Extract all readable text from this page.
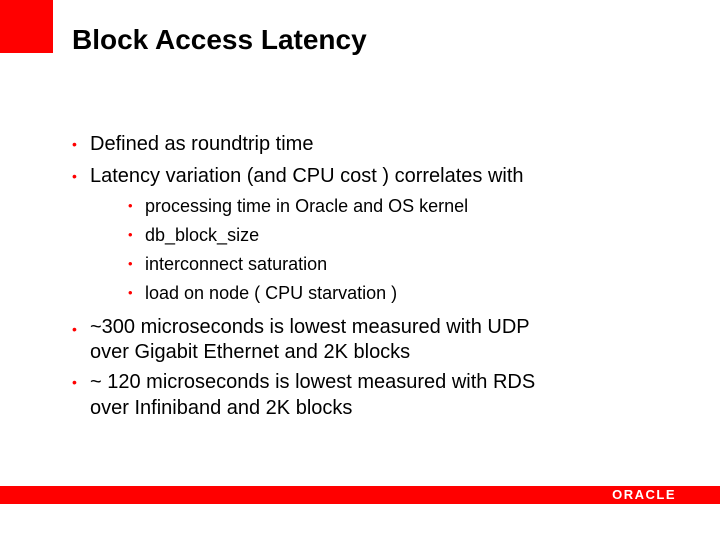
Block Access Latency
• Defined as roundtrip time
• Latency variation (and CPU cost ) correlates with
• processing time in Oracle and OS kernel
• db_block_size
• interconnect saturation
• load on node ( CPU starvation )
• ~300 microseconds is lowest measured with UDP
over Gigabit Ethernet and 2K blocks
• ~ 120 microseconds is lowest measured with RDS
over Infiniband and 2K blocks
ORACLE
